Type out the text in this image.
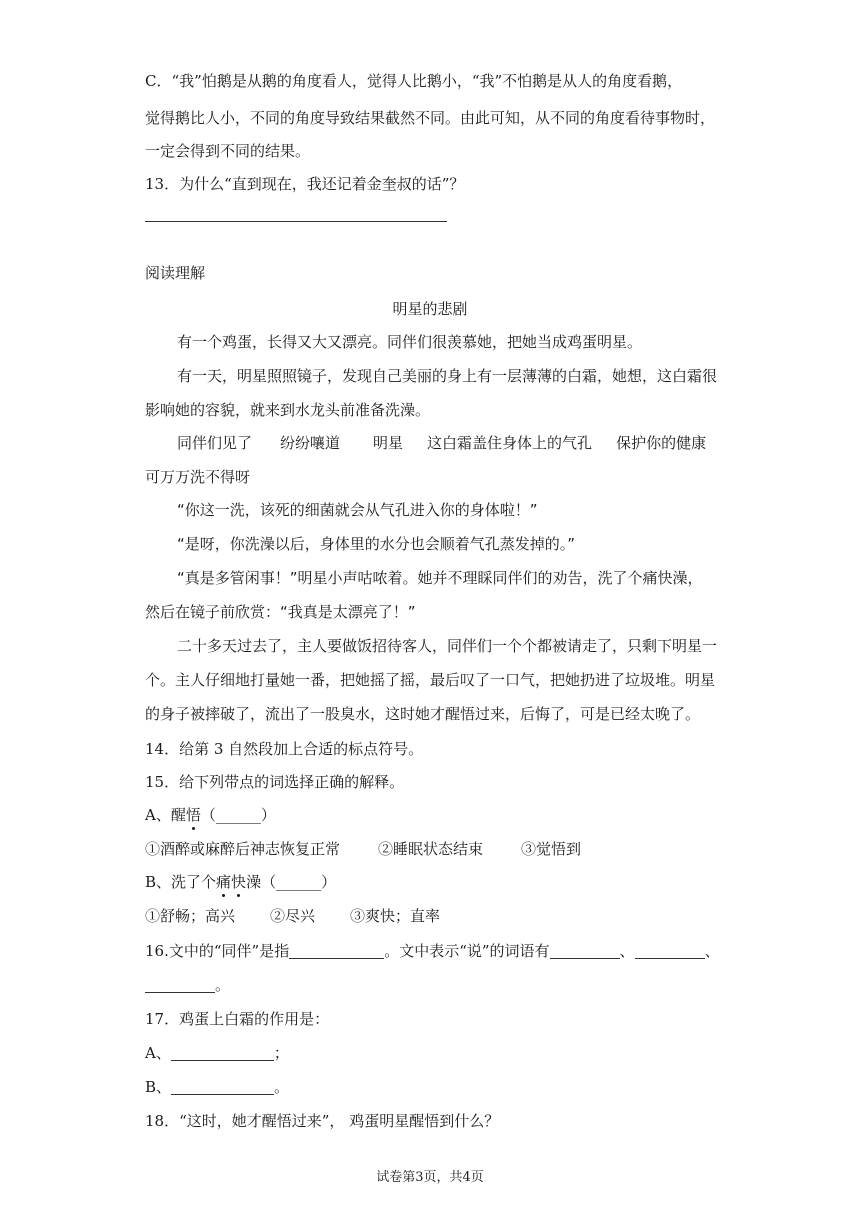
C．“我”怕鹅是从鹅的角度看人，觉得人比鹅小，“我”不怕鹅是从人的角度看鹅，
觉得鹅比人小，不同的角度导致结果截然不同。由此可知，从不同的角度看待事物时，
一定会得到不同的结果。
13．为什么“直到现在，我还记着金奎叔的话”？
阅读理解
明星的悲剧
有一个鸡蛋，长得又大又漂亮。同伴们很羡慕她，把她当成鸡蛋明星。
有一天，明星照照镜子，发现自己美丽的身上有一层薄薄的白霜，她想，这白霜很
影响她的容貌，就来到水龙头前准备洗澡。
同伴们见了 纷纷嚷道 明星 这白霜盖住身体上的气孔 保护你的健康
可万万洗不得呀
“你这一洗，该死的细菌就会从气孔进入你的身体啦！”
“是呀，你洗澡以后，身体里的水分也会顺着气孔蒸发掉的。”
“真是多管闲事！”明星小声咕哝着。她并不理睬同伴们的劝告，洗了个痛快澡，
然后在镜子前欣赏：“我真是太漂亮了！”
二十多天过去了，主人要做饭招待客人，同伴们一个个都被请走了，只剩下明星一
个。主人仔细地打量她一番，把她摇了摇，最后叹了一口气，把她扔进了垃圾堆。明星
的身子被摔破了，流出了一股臭水，这时她才醒悟过来，后悔了，可是已经太晚了。
14．给第 3 自然段加上合适的标点符号。
15．给下列带点的词选择正确的解释。
A、醒悟（______）
①酒醉或麻醉后神志恢复正常	②睡眠状态结束	③觉悟到
B、洗了个痛快澡（______）
①舒畅；高兴 ②尽兴 ③爽快；直率
16.文中的“同伴”是指	。文中表示“说”的词语有	、	、
。
17．鸡蛋上白霜的作用是：
A、	；
B、	。
18．“这时，她才醒悟过来”， 鸡蛋明星醒悟到什么？
试卷第3页，共4页
